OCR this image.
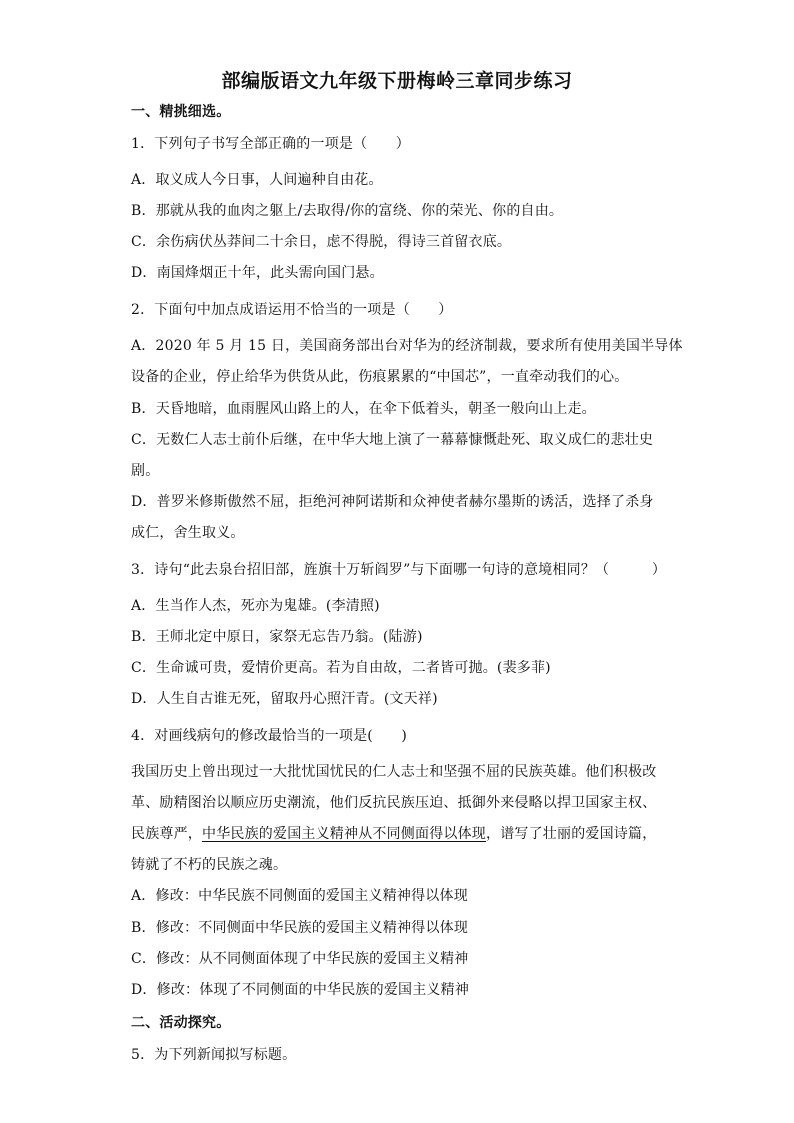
部编版语文九年级下册梅岭三章同步练习
一、精挑细选。
1．下列句子书写全部正确的一项是（　　）
A．取义成人今日事，人间遍种自由花。
B．那就从我的血肉之躯上/去取得/你的富绕、你的荣光、你的自由。
C．余伤病伏丛莽间二十余日，虑不得脱，得诗三首留衣底。
D．南国烽烟正十年，此头需向国门悬。
2．下面句中加点成语运用不恰当的一项是（　　）
A．2020 年 5 月 15 日，美国商务部出台对华为的经济制裁，要求所有使用美国半导体
设备的企业，停止给华为供货从此，伤痕累累的“中国芯”，一直牵动我们的心。
B．天昏地暗，血雨腥风山路上的人，在伞下低着头，朝圣一般向山上走。
C．无数仁人志士前仆后继，在中华大地上演了一幕幕慷慨赴死、取义成仁的悲壮史
剧。
D．普罗米修斯傲然不屈，拒绝河神阿诺斯和众神使者赫尔墨斯的诱活，选择了杀身
成仁，舍生取义。
3．诗句“此去泉台招旧部，旌旗十万斩阎罗”与下面哪一句诗的意境相同？（　　　）
A．生当作人杰，死亦为鬼雄。(李清照)
B．王师北定中原日，家祭无忘告乃翁。(陆游)
C．生命诚可贵，爱情价更高。若为自由故，二者皆可抛。(裴多菲)
D．人生自古谁无死，留取丹心照汗青。(文天祥)
4．对画线病句的修改最恰当的一项是(　　)
我国历史上曾出现过一大批忧国忧民的仁人志士和坚强不屈的民族英雄。他们积极改
革、励精图治以顺应历史潮流，他们反抗民族压迫、抵御外来侵略以捍卫国家主权、
民族尊严，中华民族的爱国主义精神从不同侧面得以体现，谱写了壮丽的爱国诗篇，
铸就了不朽的民族之魂。
A．修改：中华民族不同侧面的爱国主义精神得以体现
B．修改：不同侧面中华民族的爱国主义精神得以体现
C．修改：从不同侧面体现了中华民族的爱国主义精神
D．修改：体现了不同侧面的中华民族的爱国主义精神
二、活动探究。
5．为下列新闻拟写标题。
